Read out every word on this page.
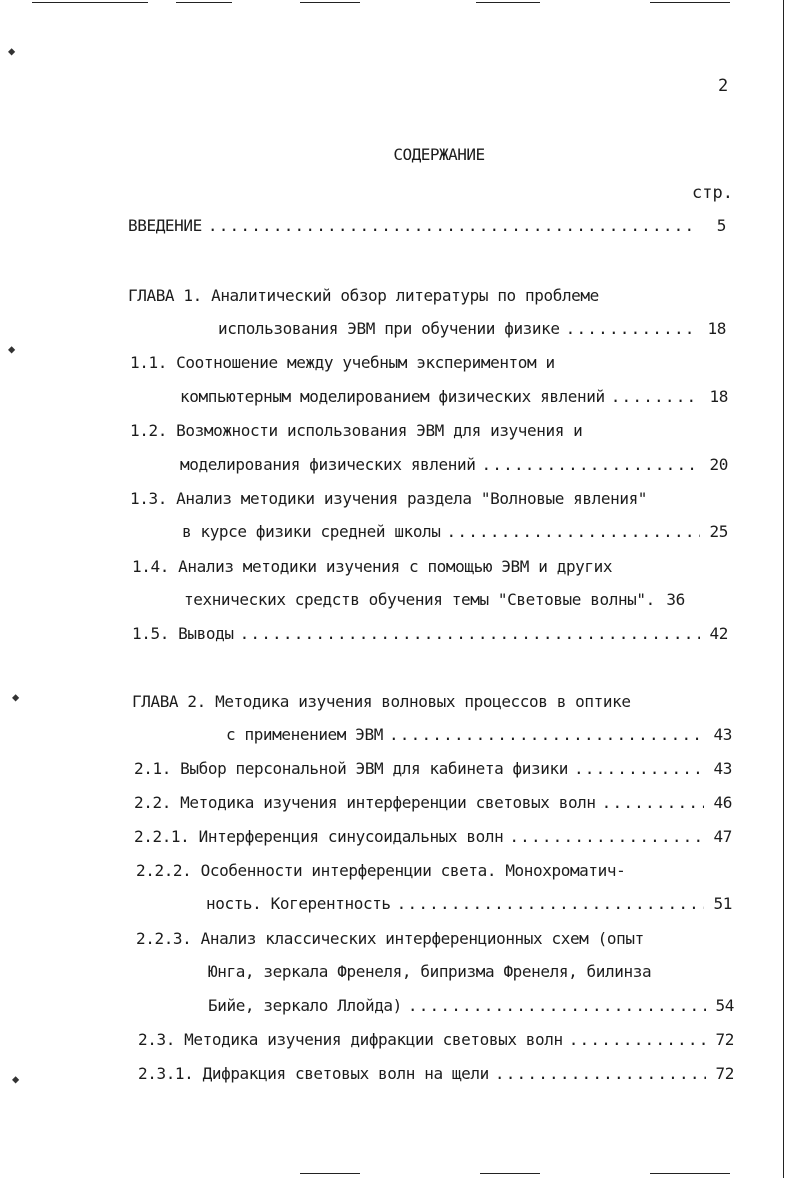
◆
◆
◆
◆
2
СОДЕРЖАНИЕ
стр.
ВВЕДЕНИЕ .....	5
ГЛАВА 1. Аналитический обзор литературы по проблеме
использования ЭВМ при обучении физике .....	18
1.1. Соотношение между учебным экспериментом и
компьютерным моделированием физических явлений .....	18
1.2. Возможности использования ЭВМ для изучения и
моделирования физических явлений .....	20
1.3. Анализ методики изучения раздела "Волновые явления"
в курсе физики средней школы .....	25
1.4. Анализ методики изучения с помощью ЭВМ и других
технических средств обучения темы "Световые волны". 36
1.5. Выводы .....	42
ГЛАВА 2. Методика изучения волновых процессов в оптике
с применением ЭВМ .....	43
2.1. Выбор персональной ЭВМ для кабинета физики .....	43
2.2. Методика изучения интерференции световых волн .....	46
2.2.1. Интерференция синусоидальных волн .....	47
2.2.2. Особенности интерференции света. Монохроматич-
ность. Когерентность .....	51
2.2.3. Анализ классических интерференционных схем (опыт
Юнга, зеркала Френеля, бипризма Френеля, билинза
Бийе, зеркало Ллойда) .....	54
2.3. Методика изучения дифракции световых волн .....	72
2.3.1. Дифракция световых волн на щели .....	72
